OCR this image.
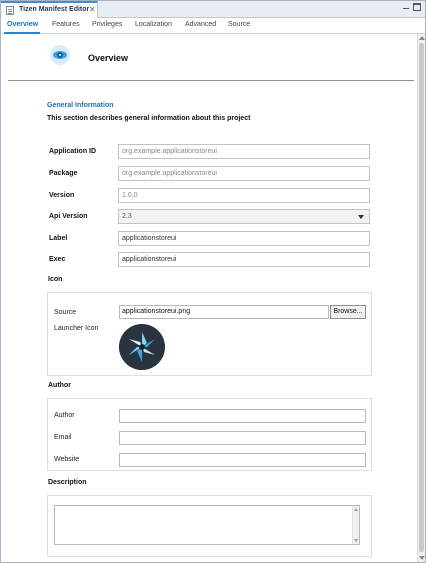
Tizen Manifest Editor ✕
Overview Features Privileges Localization Advanced Source
Overview
General Information
This section describes general information about this project
Application ID	org.example.applicationstoreui
Package	org.example.applicationstoreui
Version	1.0.0
Api Version	2.3
Label	applicationstoreui
Exec	applicationstoreui
Icon
Source	applicationstoreui.png	Browse...
Launcher Icon
Author
Author
Email
Website
Description
